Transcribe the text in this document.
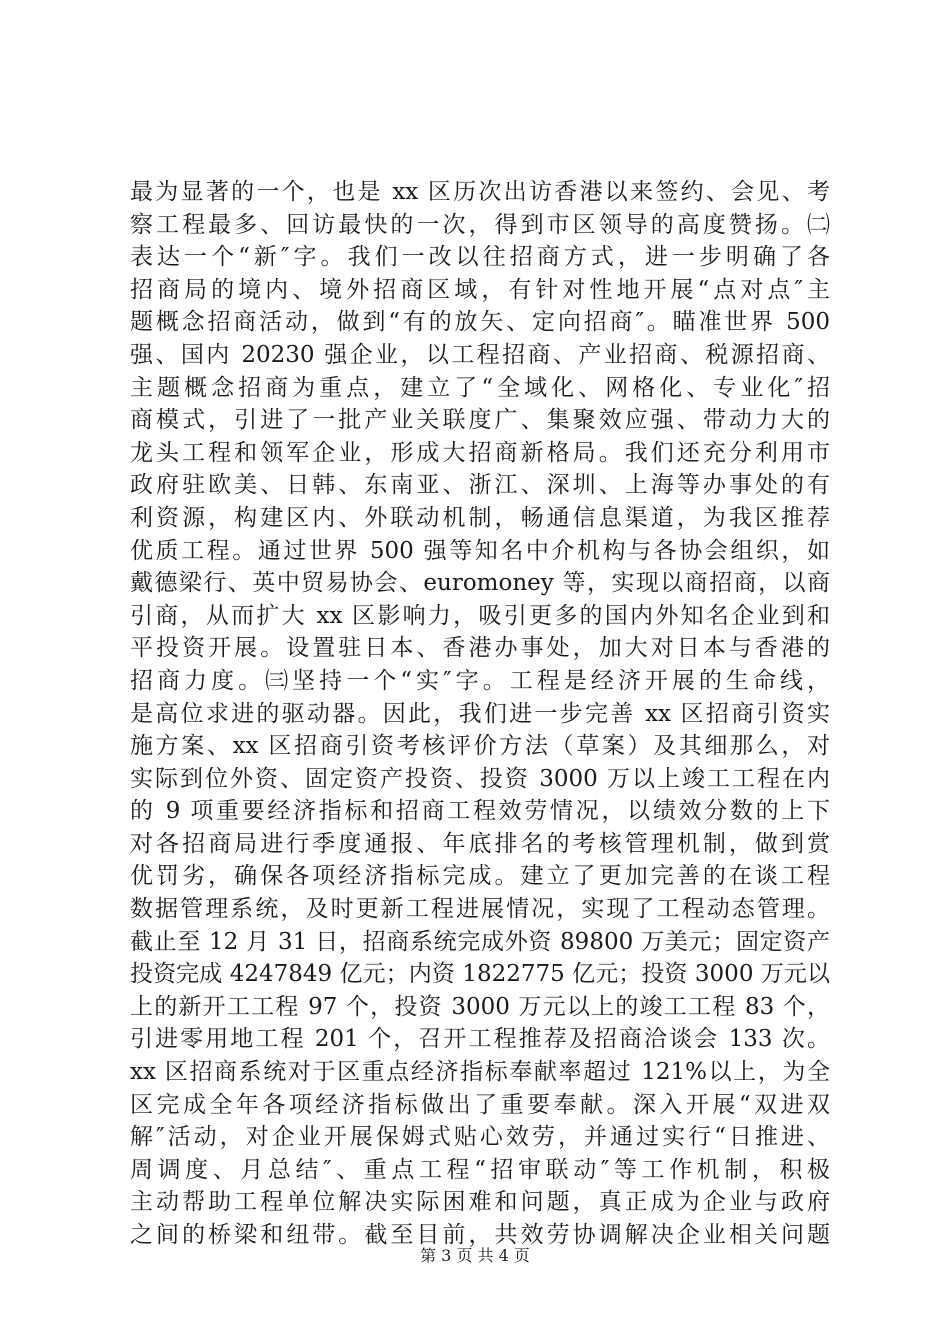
最为显著的一个，也是 xx 区历次出访香港以来签约、会见、考
察工程最多、回访最快的一次，得到市区领导的高度赞扬。㈡
表达一个“新″字。我们一改以往招商方式，进一步明确了各
招商局的境内、境外招商区域，有针对性地开展“点对点″主
题概念招商活动，做到“有的放矢、定向招商″。瞄准世界 500
强、国内 20230 强企业，以工程招商、产业招商、税源招商、
主题概念招商为重点，建立了“全域化、网格化、专业化″招
商模式，引进了一批产业关联度广、集聚效应强、带动力大的
龙头工程和领军企业，形成大招商新格局。我们还充分利用市
政府驻欧美、日韩、东南亚、浙江、深圳、上海等办事处的有
利资源，构建区内、外联动机制，畅通信息渠道，为我区推荐
优质工程。通过世界 500 强等知名中介机构与各协会组织，如
戴德梁行、英中贸易协会、euromoney 等，实现以商招商，以商
引商，从而扩大 xx 区影响力，吸引更多的国内外知名企业到和
平投资开展。设置驻日本、香港办事处，加大对日本与香港的
招商力度。㈢坚持一个“实″字。工程是经济开展的生命线，
是高位求进的驱动器。因此，我们进一步完善 xx 区招商引资实
施方案、xx 区招商引资考核评价方法（草案）及其细那么，对
实际到位外资、固定资产投资、投资 3000 万以上竣工工程在内
的 9 项重要经济指标和招商工程效劳情况，以绩效分数的上下
对各招商局进行季度通报、年底排名的考核管理机制，做到赏
优罚劣，确保各项经济指标完成。建立了更加完善的在谈工程
数据管理系统，及时更新工程进展情况，实现了工程动态管理。
截止至 12 月 31 日，招商系统完成外资 89800 万美元；固定资产
投资完成 4247849 亿元；内资 1822775 亿元；投资 3000 万元以
上的新开工工程 97 个，投资 3000 万元以上的竣工工程 83 个，
引进零用地工程 201 个，召开工程推荐及招商洽谈会 133 次。
xx 区招商系统对于区重点经济指标奉献率超过 121%以上，为全
区完成全年各项经济指标做出了重要奉献。深入开展“双进双
解″活动，对企业开展保姆式贴心效劳，并通过实行“日推进、
周调度、月总结″、重点工程“招审联动″等工作机制，积极
主动帮助工程单位解决实际困难和问题，真正成为企业与政府
之间的桥梁和纽带。截至目前，共效劳协调解决企业相关问题
第 3 页 共 4 页
